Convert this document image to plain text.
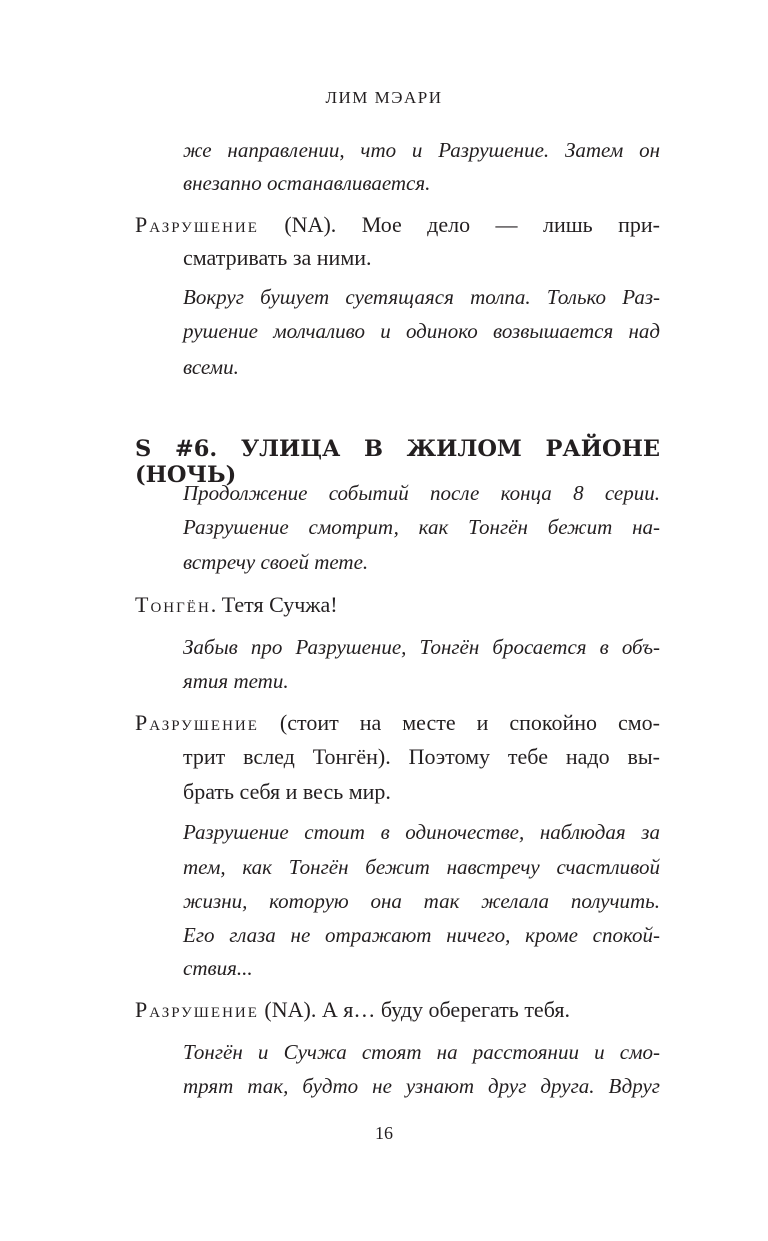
ЛИМ МЭАРИ
же направлении, что и Разрушение. Затем он
внезапно останавливается.
Разрушение (NA). Мое дело — лишь при-
сматривать за ними.
Вокруг бушует суетящаяся толпа. Только Раз-
рушение молчаливо и одиноко возвышается над
всеми.
S #6. УЛИЦА В ЖИЛОМ РАЙОНЕ (НОЧЬ)
Продолжение событий после конца 8 серии.
Разрушение смотрит, как Тонгён бежит на-
встречу своей тете.
Тонгён. Тетя Сучжа!
Забыв про Разрушение, Тонгён бросается в объ-
ятия тети.
Разрушение (стоит на месте и спокойно смо-
трит вслед Тонгён). Поэтому тебе надо вы-
брать себя и весь мир.
Разрушение стоит в одиночестве, наблюдая за
тем, как Тонгён бежит навстречу счастливой
жизни, которую она так желала получить.
Его глаза не отражают ничего, кроме спокой-
ствия...
Разрушение (NA). А я… буду оберегать тебя.
Тонгён и Сучжа стоят на расстоянии и смо-
трят так, будто не узнают друг друга. Вдруг
16
